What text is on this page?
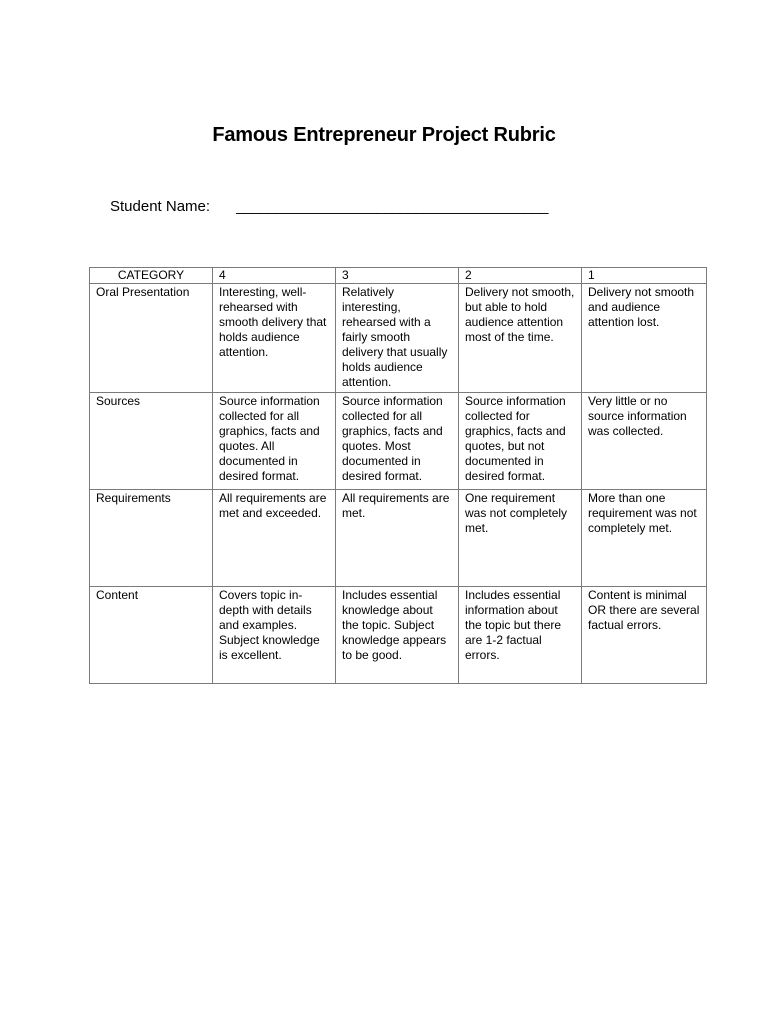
Famous Entrepreneur Project Rubric
Student Name: ________________________________________
CATEGORY	4	3	2	1
Oral Presentation	Interesting, well-rehearsed with smooth delivery that holds audience attention.	Relatively interesting, rehearsed with a fairly smooth delivery that usually holds audience attention.	Delivery not smooth, but able to hold audience attention most of the time.	Delivery not smooth and audience attention lost.
Sources	Source information collected for all graphics, facts and quotes. All documented in desired format.	Source information collected for all graphics, facts and quotes. Most documented in desired format.	Source information collected for graphics, facts and quotes, but not documented in desired format.	Very little or no source information was collected.
Requirements	All requirements are met and exceeded.	All requirements are met.	One requirement was not completely met.	More than one requirement was not completely met.
Content	Covers topic in-depth with details and examples. Subject knowledge is excellent.	Includes essential knowledge about the topic. Subject knowledge appears to be good.	Includes essential information about the topic but there are 1-2 factual errors.	Content is minimal OR there are several factual errors.
